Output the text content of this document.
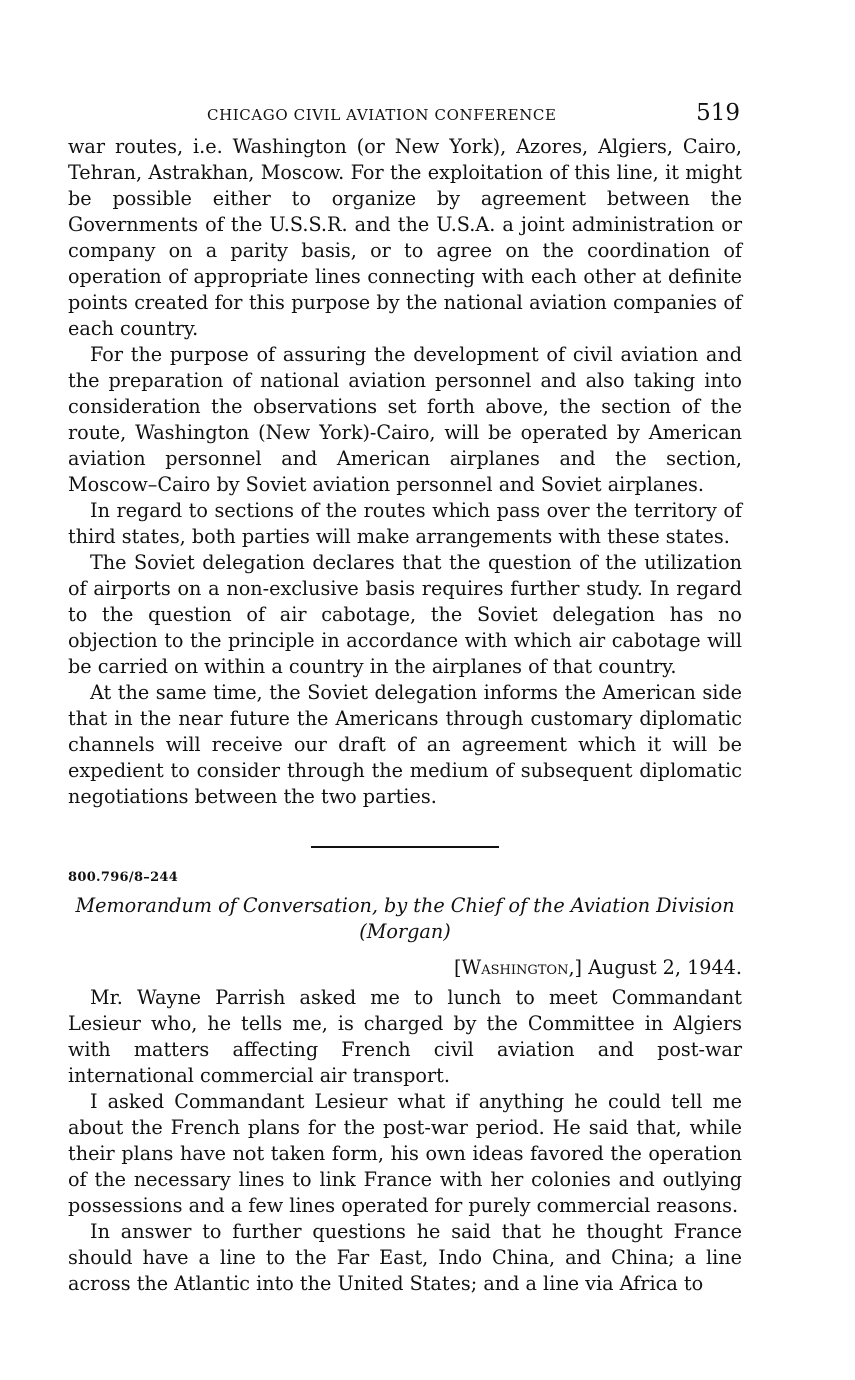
CHICAGO CIVIL AVIATION CONFERENCE	519

war routes, i.e. Washington (or New York), Azores, Algiers, Cairo, Tehran, Astrakhan, Moscow. For the exploitation of this line, it might be possible either to organize by agreement between the Governments of the U.S.S.R. and the U.S.A. a joint administration or company on a parity basis, or to agree on the coordination of operation of appropriate lines connecting with each other at definite points created for this purpose by the national aviation companies of each country.

For the purpose of assuring the development of civil aviation and the preparation of national aviation personnel and also taking into consideration the observations set forth above, the section of the route, Washington (New York)-Cairo, will be operated by American aviation personnel and American airplanes and the section, Moscow–Cairo by Soviet aviation personnel and Soviet airplanes.

In regard to sections of the routes which pass over the territory of third states, both parties will make arrangements with these states.

The Soviet delegation declares that the question of the utilization of airports on a non-exclusive basis requires further study. In regard to the question of air cabotage, the Soviet delegation has no objection to the principle in accordance with which air cabotage will be carried on within a country in the airplanes of that country.

At the same time, the Soviet delegation informs the American side that in the near future the Americans through customary diplomatic channels will receive our draft of an agreement which it will be expedient to consider through the medium of subsequent diplomatic negotiations between the two parties.

800.796/8–244
Memorandum of Conversation, by the Chief of the Aviation Division
(Morgan)
[Washington,] August 2, 1944.

Mr. Wayne Parrish asked me to lunch to meet Commandant Lesieur who, he tells me, is charged by the Committee in Algiers with matters affecting French civil aviation and post-war international commercial air transport.

I asked Commandant Lesieur what if anything he could tell me about the French plans for the post-war period. He said that, while their plans have not taken form, his own ideas favored the operation of the necessary lines to link France with her colonies and outlying possessions and a few lines operated for purely commercial reasons.

In answer to further questions he said that he thought France should have a line to the Far East, Indo China, and China; a line across the Atlantic into the United States; and a line via Africa to
